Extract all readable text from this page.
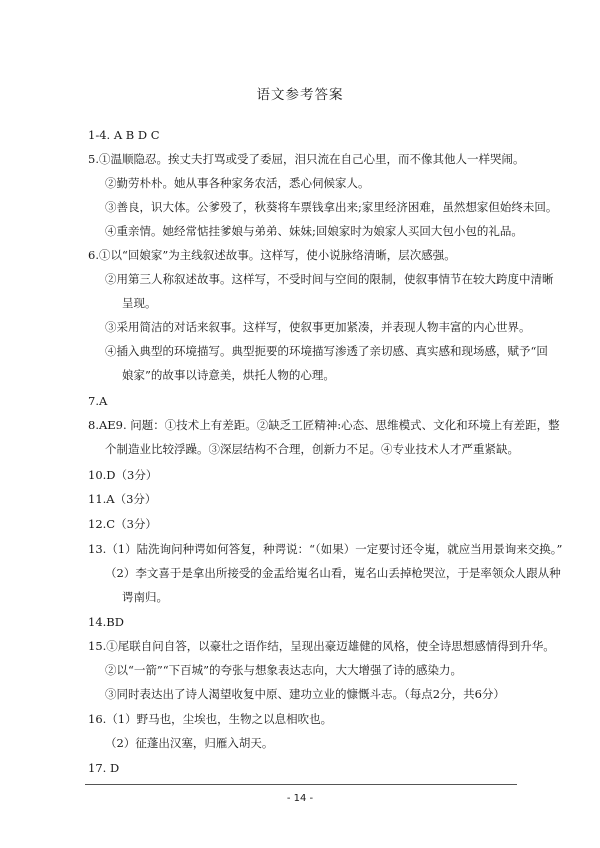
语文参考答案
1-4. A B D C
5.①温顺隐忍。挨丈夫打骂或受了委屈，泪只流在自己心里，而不像其他人一样哭闹。
②勤劳朴朴。她从事各种家务农活，悉心伺候家人。
③善良，识大体。公爹殁了，秋葵将车票钱拿出来;家里经济困难，虽然想家但始终未回。
④重亲情。她经常惦挂爹娘与弟弟、妹妹;回娘家时为娘家人买回大包小包的礼品。
6.①以“回娘家”为主线叙述故事。这样写，使小说脉络清晰，层次感强。
②用第三人称叙述故事。这样写，不受时间与空间的限制，使叙事情节在较大跨度中清晰
呈现。
③采用简洁的对话来叙事。这样写，使叙事更加紧凑，并表现人物丰富的内心世界。
④插入典型的环境描写。典型扼要的环境描写渗透了亲切感、真实感和现场感，赋予“回
娘家”的故事以诗意美，烘托人物的心理。
7.A
8.AE9. 问题：①技术上有差距。②缺乏工匠精神:心态、思维模式、文化和环境上有差距，整
个制造业比较浮躁。③深层结构不合理，创新力不足。④专业技术人才严重紧缺。
10.D（3分）
11.A（3分）
12.C（3分）
13.（1）陆洗询问种谔如何答复，种谔说：“（如果）一定要讨还令嵬，就应当用景询来交换。”
（2）李文喜于是拿出所接受的金盂给嵬名山看，嵬名山丢掉枪哭泣，于是率领众人跟从种
谔南归。
14.BD
15.①尾联自问自答，以豪壮之语作结，呈现出豪迈雄健的风格，使全诗思想感情得到升华。
②以“一箭”“下百城”的夸张与想象表达志向，大大增强了诗的感染力。
③同时表达出了诗人渴望收复中原、建功立业的慷慨斗志。（每点2分，共6分）
16.（1）野马也，尘埃也，生物之以息相吹也。
（2）征蓬出汉塞，归雁入胡天。
17. D
- 14 -
